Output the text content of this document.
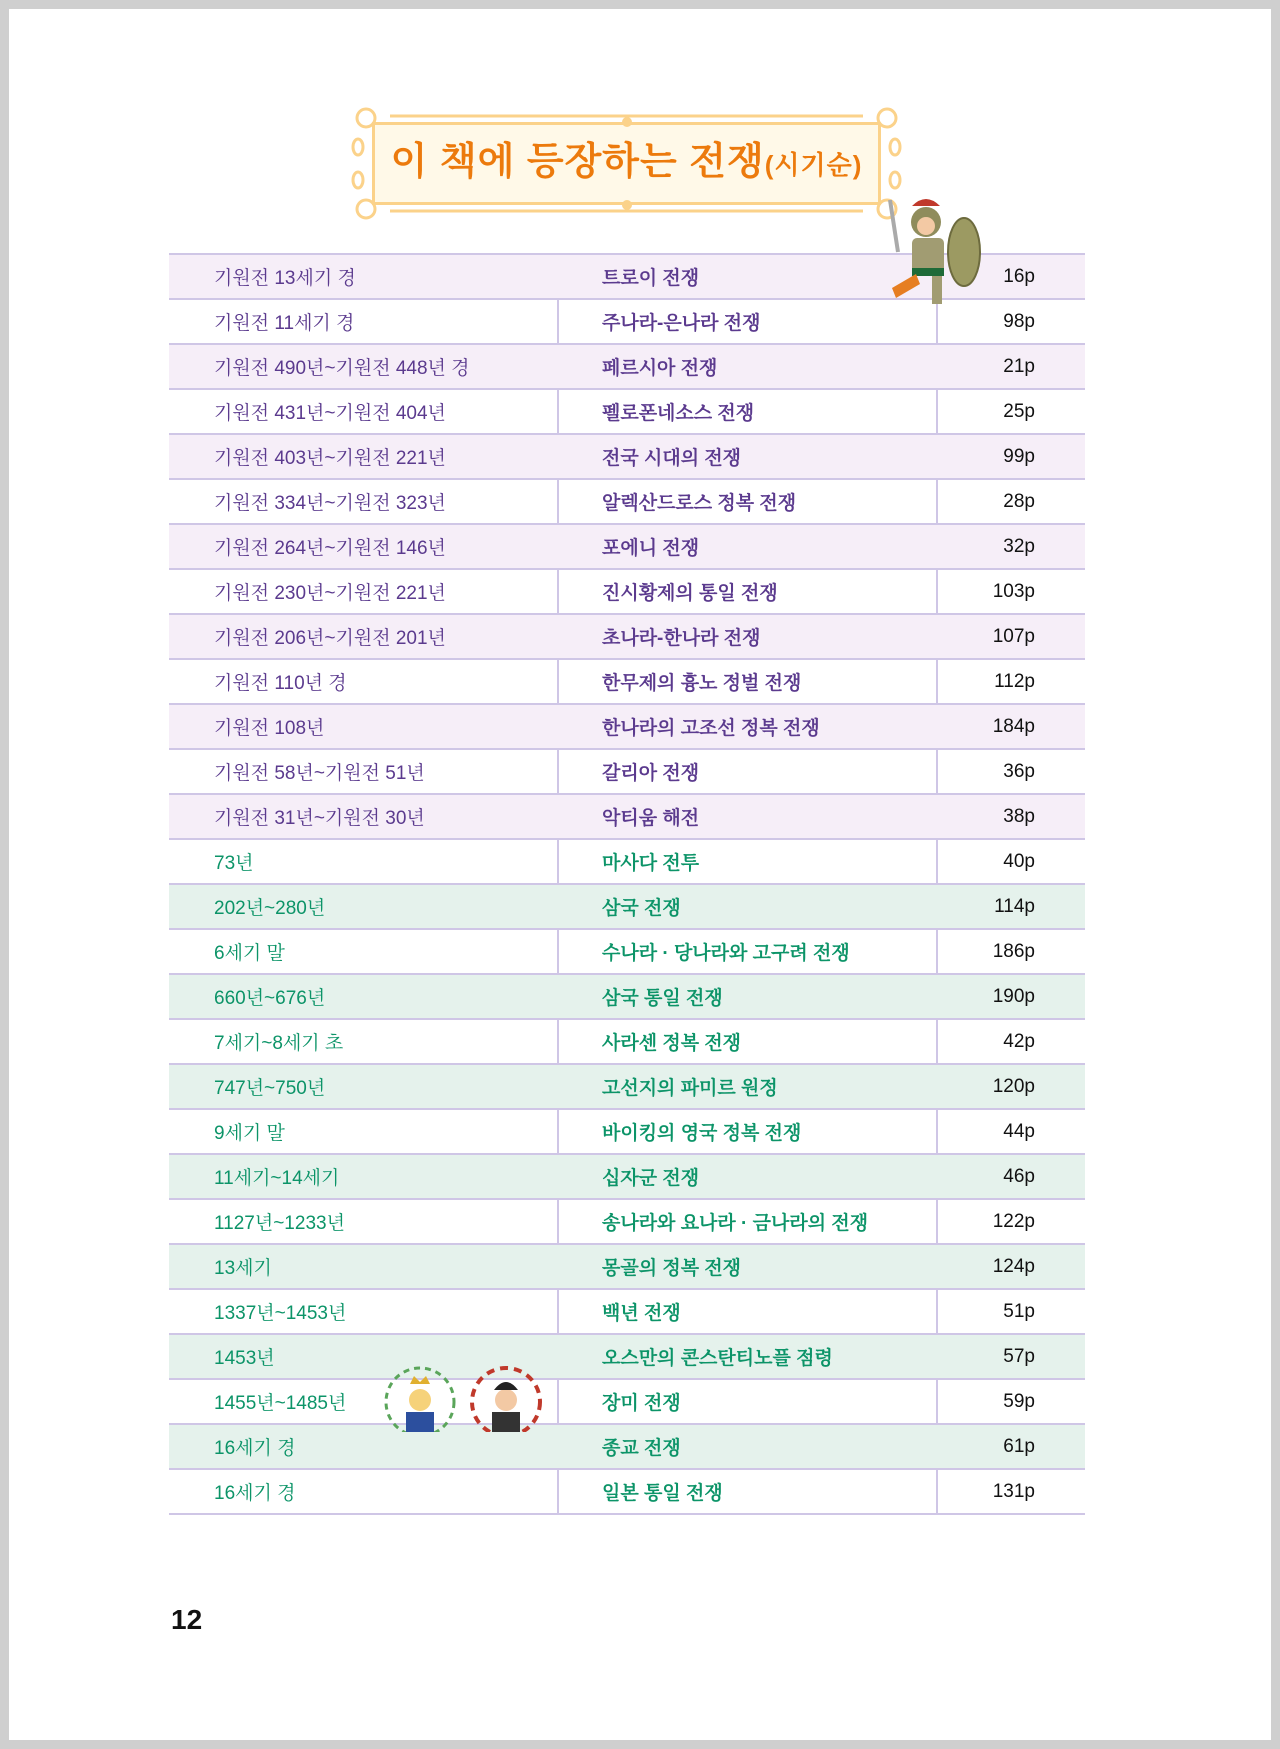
이 책에 등장하는 전쟁(시기순)
기원전 13세기 경	트로이 전쟁	16p
기원전 11세기 경	주나라-은나라 전쟁	98p
기원전 490년~기원전 448년 경	페르시아 전쟁	21p
기원전 431년~기원전 404년	펠로폰네소스 전쟁	25p
기원전 403년~기원전 221년	전국 시대의 전쟁	99p
기원전 334년~기원전 323년	알렉산드로스 정복 전쟁	28p
기원전 264년~기원전 146년	포에니 전쟁	32p
기원전 230년~기원전 221년	진시황제의 통일 전쟁	103p
기원전 206년~기원전 201년	초나라-한나라 전쟁	107p
기원전 110년 경	한무제의 흉노 정벌 전쟁	112p
기원전 108년	한나라의 고조선 정복 전쟁	184p
기원전 58년~기원전 51년	갈리아 전쟁	36p
기원전 31년~기원전 30년	악티움 해전	38p
73년	마사다 전투	40p
202년~280년	삼국 전쟁	114p
6세기 말	수나라 · 당나라와 고구려 전쟁	186p
660년~676년	삼국 통일 전쟁	190p
7세기~8세기 초	사라센 정복 전쟁	42p
747년~750년	고선지의 파미르 원정	120p
9세기 말	바이킹의 영국 정복 전쟁	44p
11세기~14세기	십자군 전쟁	46p
1127년~1233년	송나라와 요나라 · 금나라의 전쟁	122p
13세기	몽골의 정복 전쟁	124p
1337년~1453년	백년 전쟁	51p
1453년	오스만의 콘스탄티노플 점령	57p
1455년~1485년	장미 전쟁	59p
16세기 경	종교 전쟁	61p
16세기 경	일본 통일 전쟁	131p
12
